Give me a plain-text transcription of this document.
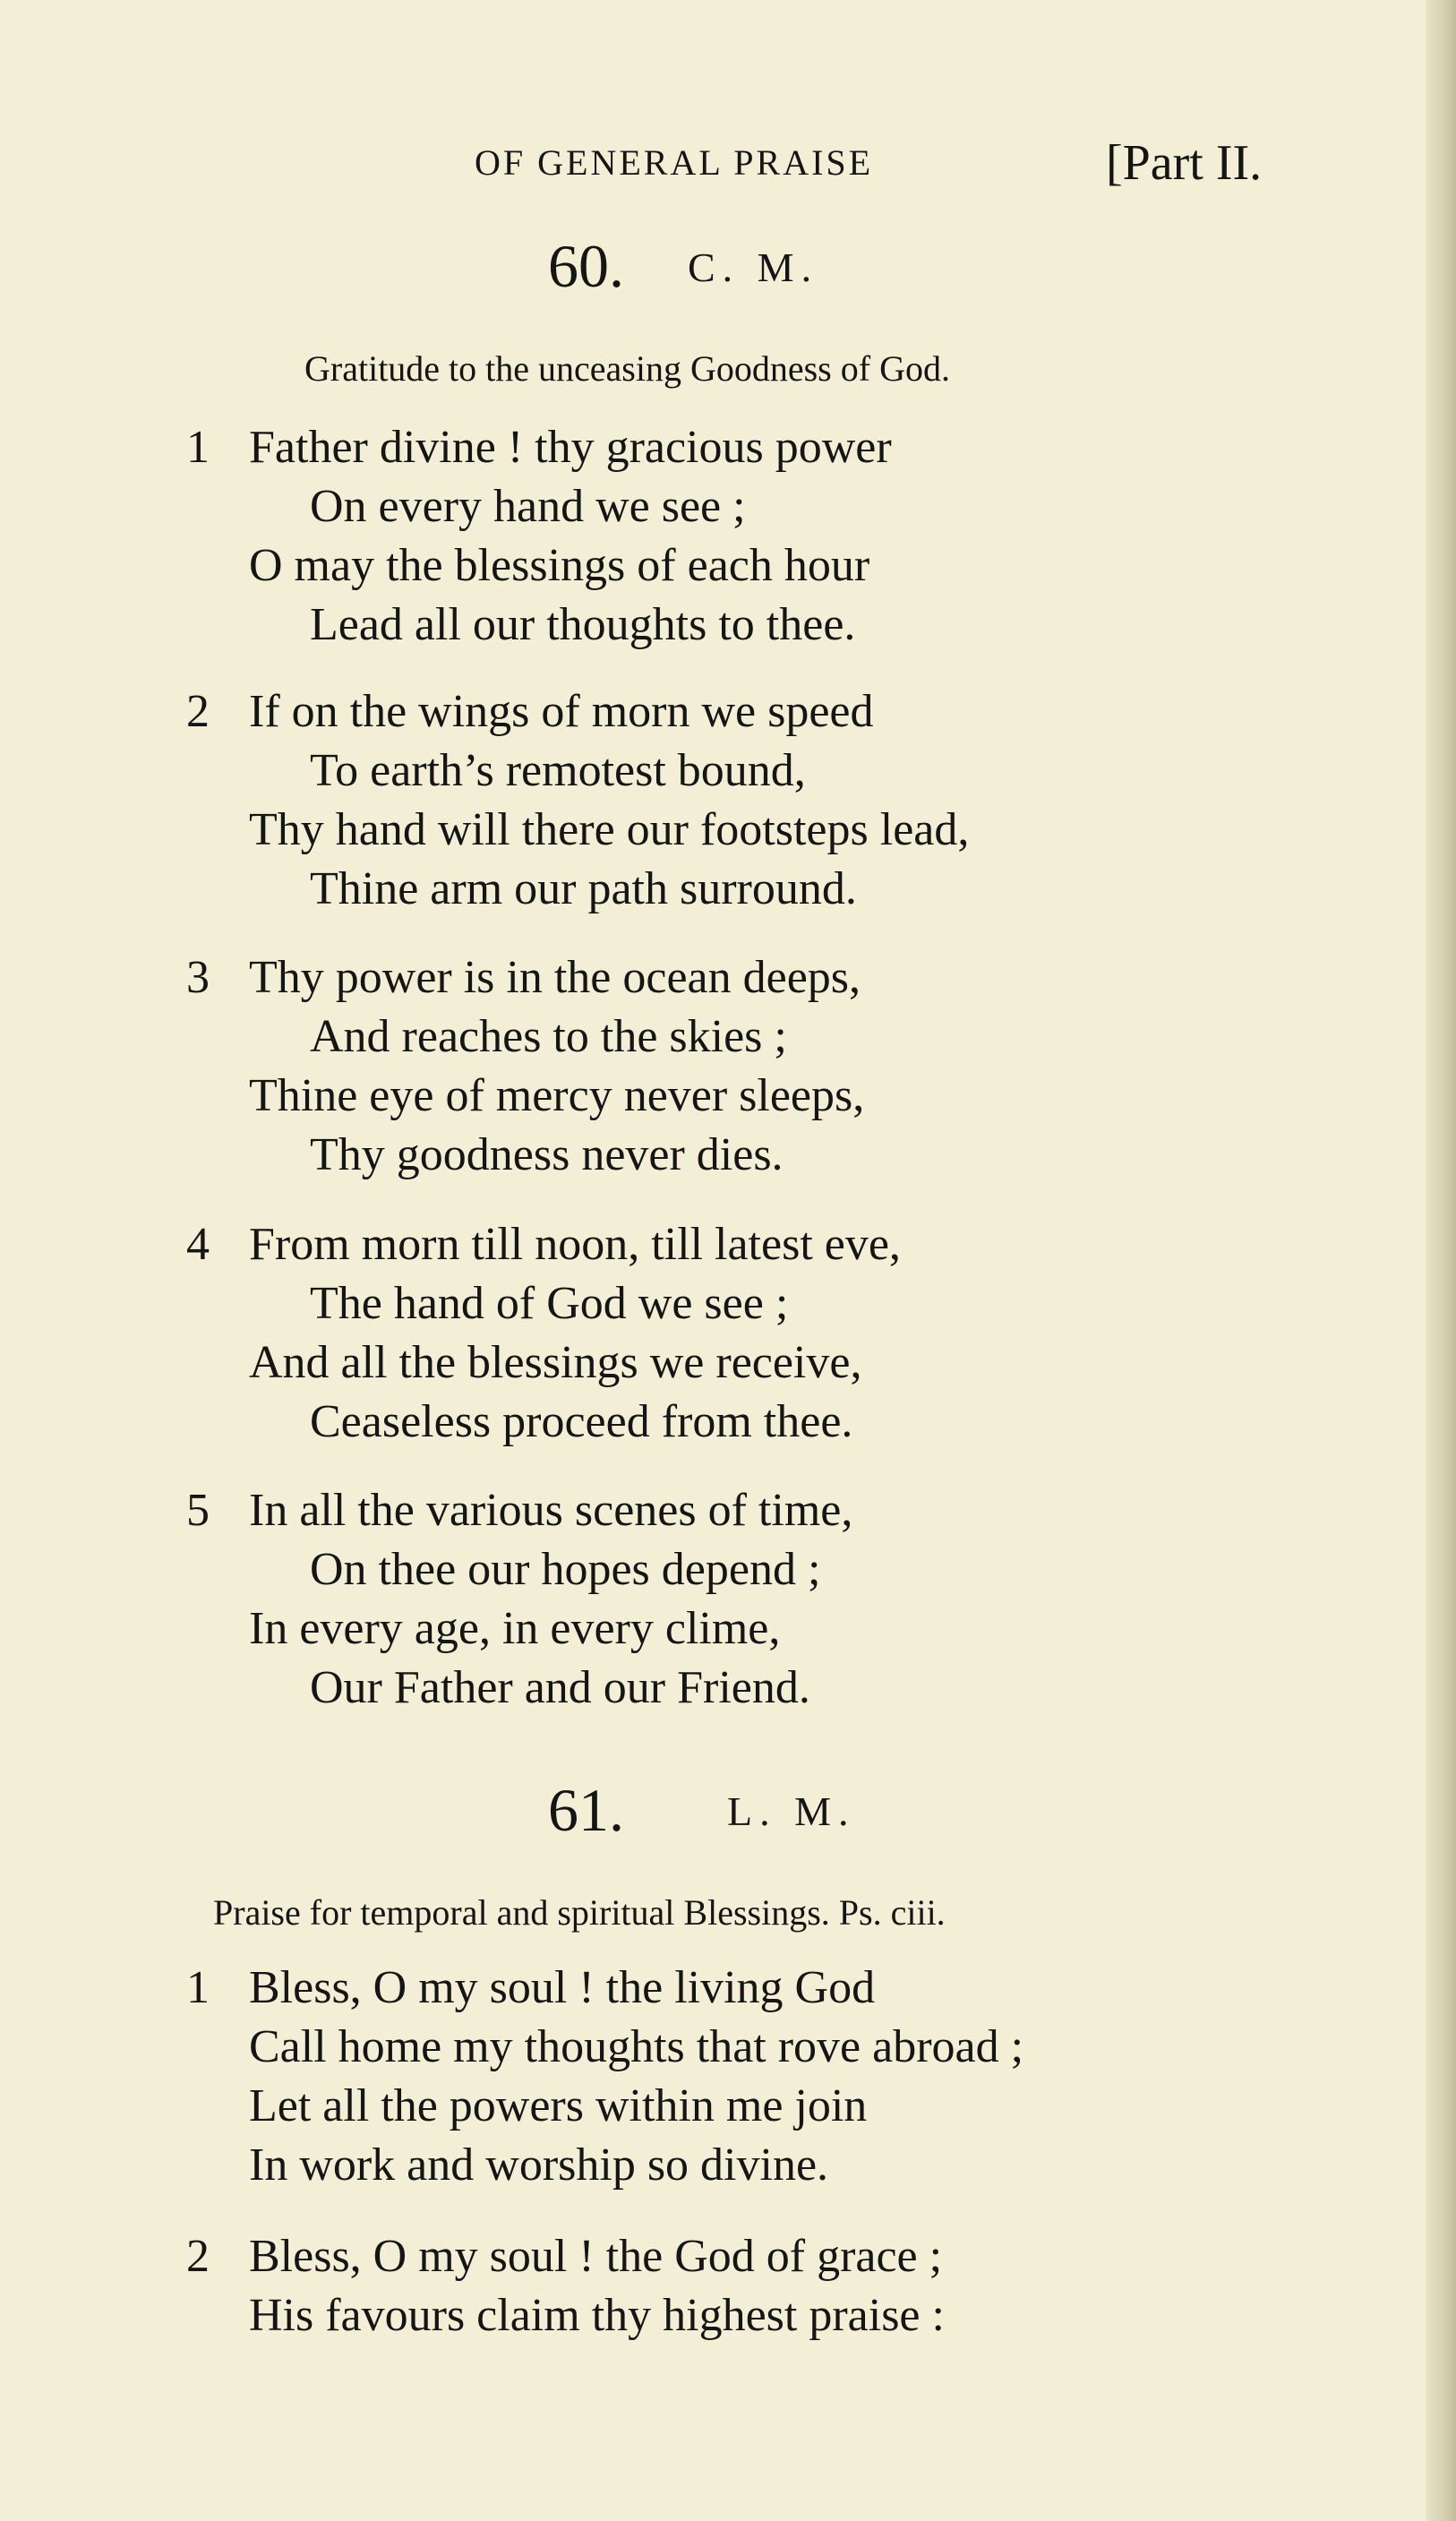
OF GENERAL PRAISE	[Part II.
60. C. M.
Gratitude to the unceasing Goodness of God.
1 Father divine ! thy gracious power
On every hand we see ;
O may the blessings of each hour
Lead all our thoughts to thee.
2 If on the wings of morn we speed
To earth’s remotest bound,
Thy hand will there our footsteps lead,
Thine arm our path surround.
3 Thy power is in the ocean deeps,
And reaches to the skies ;
Thine eye of mercy never sleeps,
Thy goodness never dies.
4 From morn till noon, till latest eve,
The hand of God we see ;
And all the blessings we receive,
Ceaseless proceed from thee.
5 In all the various scenes of time,
On thee our hopes depend ;
In every age, in every clime,
Our Father and our Friend.
61.	L. M.
Praise for temporal and spiritual Blessings. Ps. ciii.
1 Bless, O my soul ! the living God
Call home my thoughts that rove abroad ;
Let all the powers within me join
In work and worship so divine.
2 Bless, O my soul ! the God of grace ;
His favours claim thy highest praise :
